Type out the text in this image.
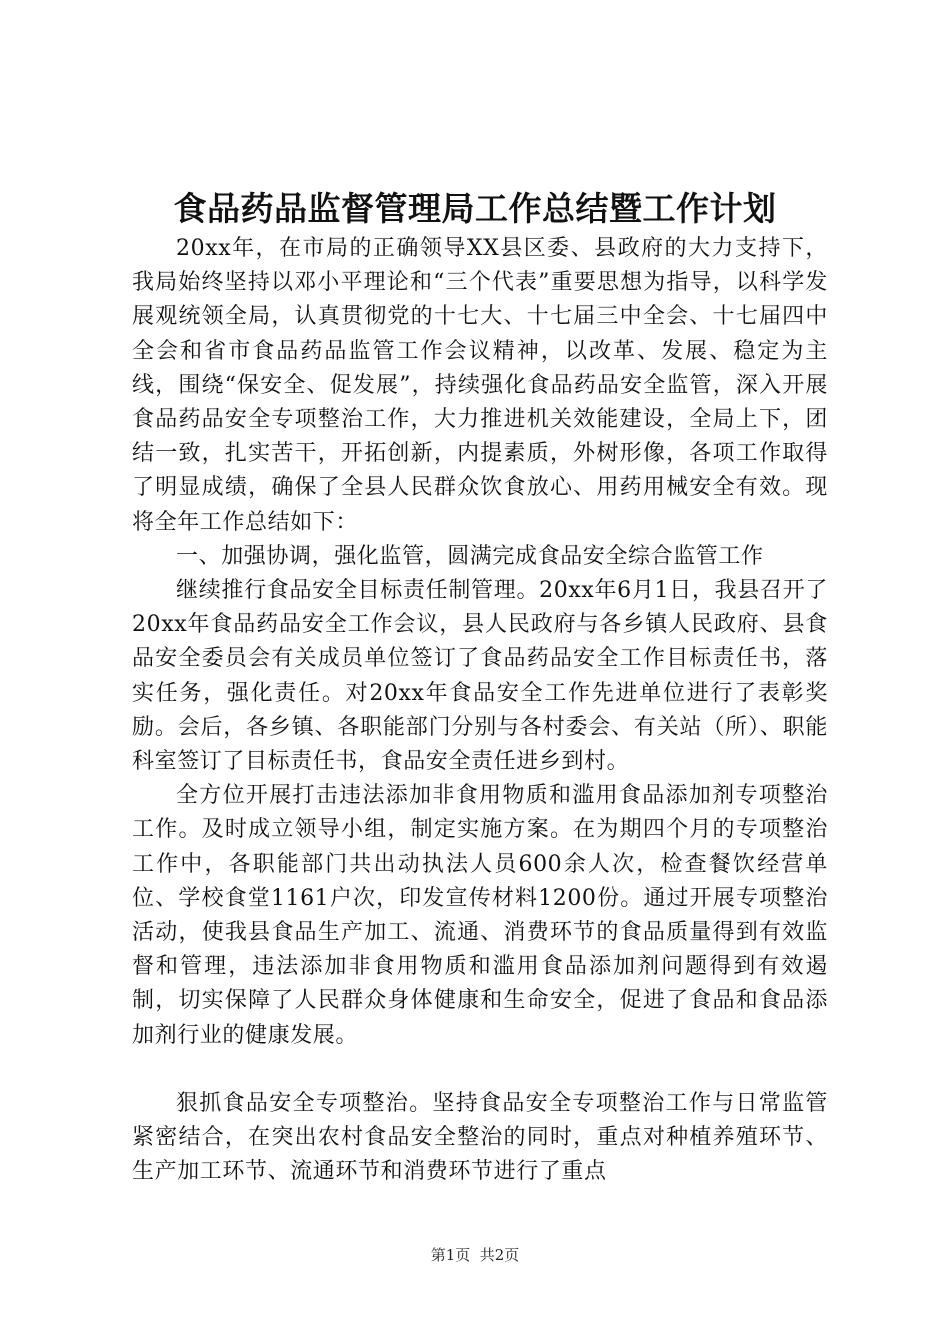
食品药品监督管理局工作总结暨工作计划

20xx年，在市局的正确领导XX县区委、县政府的大力支持下，我局始终坚持以邓小平理论和“三个代表”重要思想为指导，以科学发展观统领全局，认真贯彻党的十七大、十七届三中全会、十七届四中全会和省市食品药品监管工作会议精神，以改革、发展、稳定为主线，围绕“保安全、促发展”，持续强化食品药品安全监管，深入开展食品药品安全专项整治工作，大力推进机关效能建设，全局上下，团结一致，扎实苦干，开拓创新，内提素质，外树形像，各项工作取得了明显成绩，确保了全县人民群众饮食放心、用药用械安全有效。现将全年工作总结如下：

一、加强协调，强化监管，圆满完成食品安全综合监管工作

继续推行食品安全目标责任制管理。20xx年6月1日，我县召开了20xx年食品药品安全工作会议，县人民政府与各乡镇人民政府、县食品安全委员会有关成员单位签订了食品药品安全工作目标责任书，落实任务，强化责任。对20xx年食品安全工作先进单位进行了表彰奖励。会后，各乡镇、各职能部门分别与各村委会、有关站（所）、职能科室签订了目标责任书，食品安全责任进乡到村。

全方位开展打击违法添加非食用物质和滥用食品添加剂专项整治工作。及时成立领导小组，制定实施方案。在为期四个月的专项整治工作中，各职能部门共出动执法人员600余人次，检查餐饮经营单位、学校食堂1161户次，印发宣传材料1200份。通过开展专项整治活动，使我县食品生产加工、流通、消费环节的食品质量得到有效监督和管理，违法添加非食用物质和滥用食品添加剂问题得到有效遏制，切实保障了人民群众身体健康和生命安全，促进了食品和食品添加剂行业的健康发展。

狠抓食品安全专项整治。坚持食品安全专项整治工作与日常监管紧密结合，在突出农村食品安全整治的同时，重点对种植养殖环节、生产加工环节、流通环节和消费环节进行了重点

第1页  共2页
